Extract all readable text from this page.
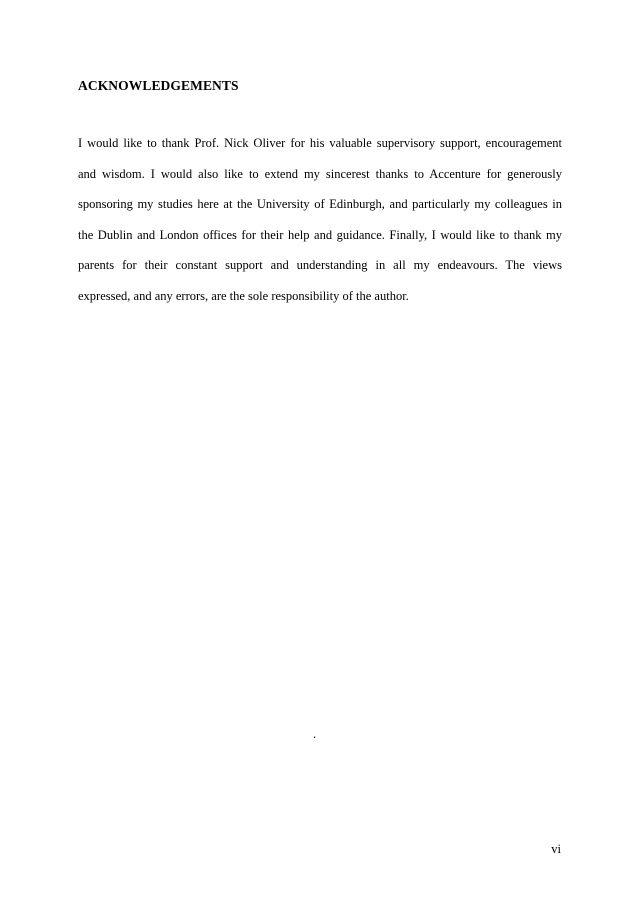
ACKNOWLEDGEMENTS
I would like to thank Prof. Nick Oliver for his valuable supervisory support, encouragement
and wisdom. I would also like to extend my sincerest thanks to Accenture for generously
sponsoring my studies here at the University of Edinburgh, and particularly my colleagues in
the Dublin and London offices for their help and guidance. Finally, I would like to thank my
parents for their constant support and understanding in all my endeavours. The views
expressed, and any errors, are the sole responsibility of the author.
.
vi
